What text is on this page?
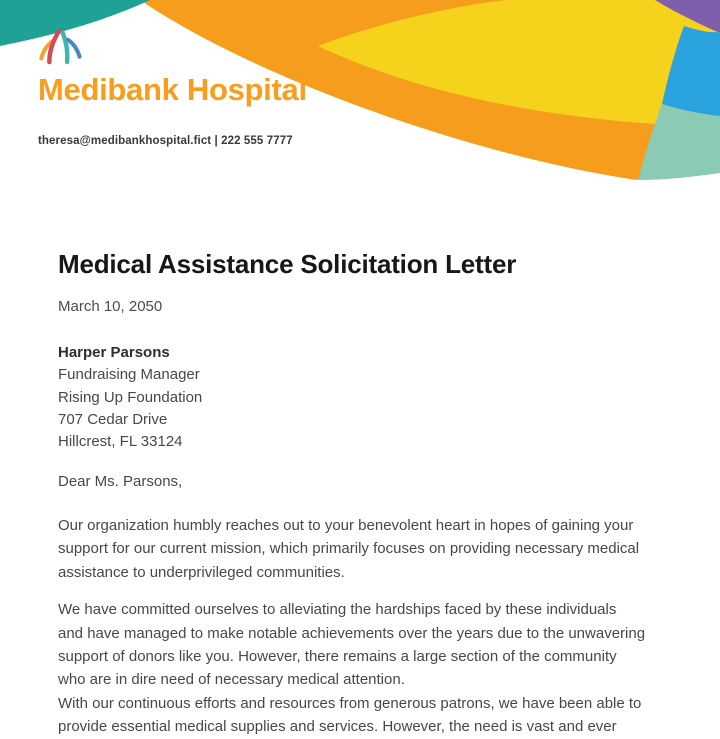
Medibank Hospital
theresa@medibankhospital.fict | 222 555 7777
Medical Assistance Solicitation Letter
March 10, 2050
Harper Parsons
Fundraising Manager
Rising Up Foundation
707 Cedar Drive
Hillcrest, FL 33124
Dear Ms. Parsons,
Our organization humbly reaches out to your benevolent heart in hopes of gaining your
support for our current mission, which primarily focuses on providing necessary medical
assistance to underprivileged communities.
We have committed ourselves to alleviating the hardships faced by these individuals
and have managed to make notable achievements over the years due to the unwavering
support of donors like you. However, there remains a large section of the community
who are in dire need of necessary medical attention.
With our continuous efforts and resources from generous patrons, we have been able to
provide essential medical supplies and services. However, the need is vast and ever
